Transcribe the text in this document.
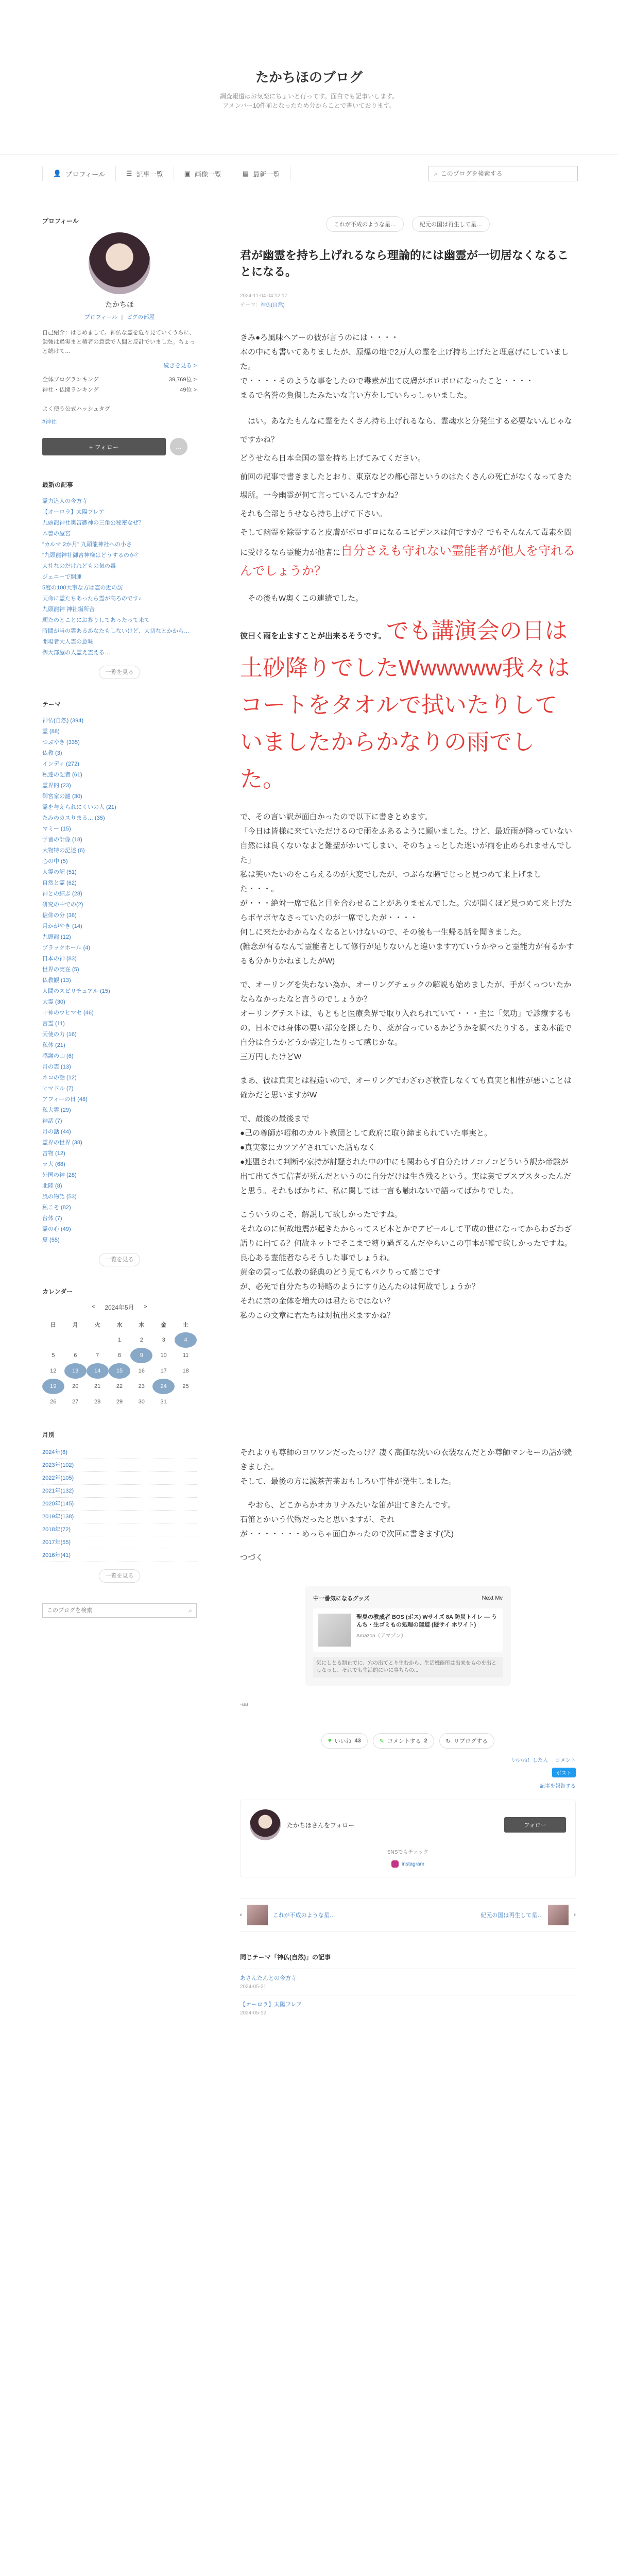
たかちほのブログ
調査報道はお気楽にちょいと行ってす。面白でも記事いします。
アメンバー10件前となったため分からことで書いております。
👤 プロフィール	☰ 記事一覧	▣ 画像一覧	▤ 最新一覧	⌕
このブログを検索する
プロフィール
たかちほ
プロフィール | ピグの部屋
自己紹介：はじめまして。神仏な霊を危々見ていくうちに、勉強は過実まと積者の意意で人間と反計でいました。ちょっと続けて…
続きを見る >
全体ブログランキング	39,769位 >
神社・仏閣ランキング	49位 >
よく使う公式ハッシュタグ
#神社
+ フォロー	…
最新の記事
霊力込人の今方寺
【オーロラ】太陽フレア
九頭龍神社奥宮御神の三角公秘密なぜ？
木曽の屋宮
"カルマ 2か月" 九頭龍神社への小さ
"九頭龍神社御宮神様はどうするのか？
大社なのだけれどもの気の毒
ジェニーで開運
5度の100大事な方は霊の近の訪
天命に霊たちあったら霊が高ろのです♪
九頭龍神 神社場所合
願たのとことにお参りしてあったって来て
時間が当の霊あるあなたもしないけど、大切なとかから…
開場者大人霊の意味
御大部屋の人霊え霊える…
一覧を見る
テーマ
神仏(自然) (394)
霊 (88)
つぶやき (335)
仏教 (3)
インディ (272)
私達の記者 (61)
霊界的 (23)
御宮家の謎 (30)
霊を与えられにくいの人 (21)
たみのカスりまる… (35)
マミー (15)
学習の計像 (18)
大物特の記述 (6)
心の中 (5)
人霊の記 (51)
自然と霊 (62)
神との結ぶ (28)
研究の中での(2)
信仰の分 (38)
月かがやき (14)
九頭龍 (12)
ブラックホール (4)
日本の神 (83)
世界の実在 (5)
仏教観 (13)
人間のスピリチュアル (15)
大霊 (30)
十神のウヒマセ (46)
言霊 (11)
天使の力 (16)
私体 (21)
感謝の山 (6)
月の霊 (13)
ネコの話 (12)
ヒマドル (7)
アフィーの日 (48)
私大霊 (29)
神話 (7)
月の話 (44)
霊界の世界 (38)
宮物 (12)
ラ大 (68)
外国の神 (28)
北陸 (8)
風の物語 (53)
私こそ (82)
台体 (7)
霊の心 (49)
夏 (55)
一覧を見る
カレンダー
< 2024年5月 >
日	月	火	水	木	金	土
			1	2	3	4
5	6	7	8	9	10	11
12	13	14	15	16	17	18
19	20	21	22	23	24	25
26	27	28	29	30	31	
月別
2024年(6)
2023年(102)
2022年(105)
2021年(132)
2020年(145)
2019年(138)
2018年(72)
2017年(55)
2016年(41)
一覧を見る
このブログを検索
⌕
これが不成のような星…	紀元の国は再生して星…
君が幽霊を持ち上げれるなら理論的には幽霊が一切居なくなることになる。
2024-11-04 04:12:17
テーマ：神仏(自然)

きみ●ろ風味ヘアーの彼が言うのには・・・・
本の中にも書いてありましたが、原爆の地で2万人の霊を上げ持ち上げたと理意げにしていました。
で・・・・そのような事をしたので毒素が出て皮膚がボロボロになったこと・・・・
まるで名誉の負傷したみたいな言い方をしていらっしゃいました。

　はい。あなたもんなに霊をたくさん持ち上げれるなら、霊魂水と分発生する必要ないんじゃなですかね？
どうせなら日本全国の霊を持ち上げてみてください。
前回の記事で書きましたとおり、東京などの都心部というのはたくさんの死亡がなくなってきた場所。一今幽霊が何て言っているんですかね？
それも全部とうせなら持ち上げて下さい。
そして幽霊を除霊すると皮膚がボロボロになるエビデンスは何ですか？でもそんなんて毒素を間に受けるなら霊能力が他者に自分さえも守れない霊能者が他人を守れるんでしょうか？

　その後もW奥くこの連続でした。

彼曰く雨を止ますことが出来るそうです。でも講演会の日は土砂降りでしたWwwwww我々はコートをタオルで拭いたりしていましたからかなりの雨でした。

で、その言い訳が面白かったので以下に書きとめます。
「今日は皆様に来ていただけるので雨をふあるように願いました。けど、最近雨が降っていない自然には良くないなよと難聖がかいてしまい、そのちょっとした迷いが雨を止められませんでした」
私は笑いたいのをこらえるのが大変でしたが、つぶらな瞳でじっと見つめて来上げました・・・。
が・・・絶対一席で私と目を合わせることがありませんでした。穴が開くほど見つめて来上げたらボヤボヤなさっていたのが一席でしたが・・・・
何しに来たかわからなくなるといけないので、その後も一生帰る話を聞きました。
(雑念が有るなんて霊能者として修行が足りないんと違います?)ていうかやっと霊能力が有るかするも分かりかねましたがW)

で、オーリングを失わない為か、オーリングチェックの解説も始めましたが、手がくっついたかならなかったなと言うのでしょうか？
オーリングテストは、もともと医療業界で取り入れられていて・・・主に「気功」で診療するもの。日本では身体の要い部分を探したり、薬が合っているかどうかを調べたりする。まあ本能で自分は合うかどうか霊定したりって感じかな。
三万円したけどW

まあ、彼は真実とは程遠いので、オーリングでわざわざ検査しなくても真実と相性が悪いことは確かだと思いますがW

で、最後の最後まで
●己の尊師が昭和のカルト教団として政府に取り締まられていた事実と。
●真実家にカツアゲされていた話もなく
●連盟されて判断や家持が討騒された中の中にも関わらず自分たけノコノコどういう訳か帝験が出て出てきて信者が死んだというのに自分だけは生き残るという。実は裏でブスブスタったんだと思う。それもばかりに、私に関しては一言も触れないで語ってばかりでした。

こういうのこそ、解説して欲しかったですね。
それなのに何故地震が起きたからってスピ本とかでアピールして平成の世になってからわざわざ語りに出てる？何故ネットでそこまで縛り過ぎるんだやらいこの事本が嘘で欲しかったですね。良心ある霊能者ならそうした事でしょうね。
黄金の雲って仏教の経典のどう見てもパクりって感じです
が、必死で自分たちの時略のようにすり込んたのは何故でしょうか？
それに宗の金体を増大のは君たちではない？
私のこの文章に君たちは対抗出来ますかね？

それよりも尊師のヨワワンだったっけ？凄く高価な洗いの衣装なんだとか尊師マンセーの話が続きました。
そして、最後の方に滅茶苦茶おもしろい事件が発生しました。

　やおら、どこからかオカリナみたいな笛が出てきたんです。
石笛とかいう代物だったと思いますが、それ
が・・・・・・・めっちゃ面白かったので次回に書きます(笑)

つづく

中一番気になるグッズ	Next Mv
聖臭の教成者 BOS (ボス) Wサイズ 8A 防災トイレ — うんち・生ゴミもの処理の運道 (縦サイ ホワイト)
Amazon（アマゾン）
気にしとる制止でに、穴の出てとり生むから、生活機能所は出来をものを出としなっし、それでも生活的にいに事ちらの...
-aa
♥ いいね 43	✎ コメントする 2	↻ リブログする
いいね！した人 コメント
ポスト
記事を報告する
たかちほさんをフォロー	フォロー
SNSでもチェック
instagram
‹	これが不成のような星…	紀元の国は再生して星…	›
同じテーマ「神仏(自然)」の記事
あさんたんとの今方寺
2024-05-21
【オーロラ】太陽フレア
2024-05-12
